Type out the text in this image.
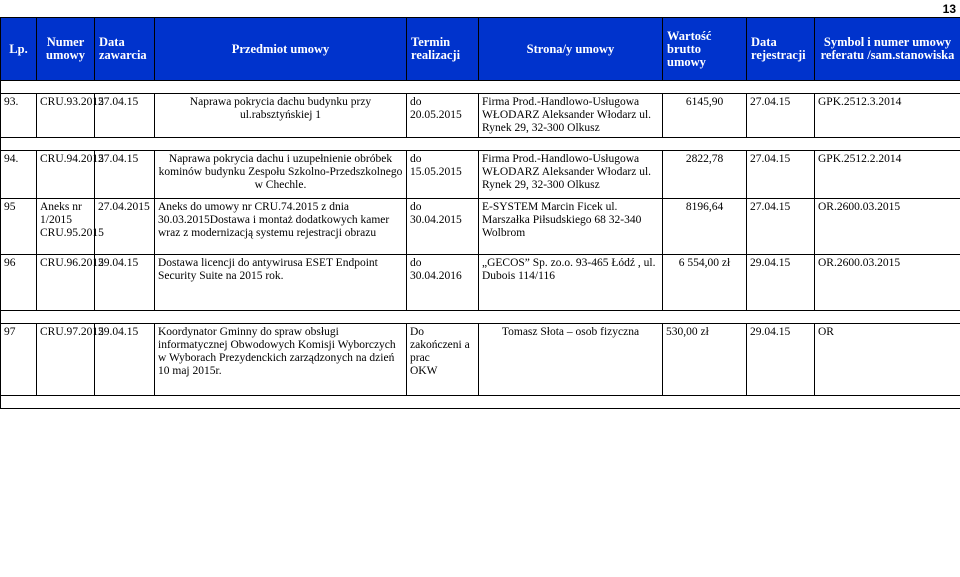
13
Lp.	Numer umowy	Data zawarcia	Przedmiot umowy	Termin realizacji	Strona/y umowy	Wartość brutto umowy	Data rejestracji	Symbol i numer umowy referatu /sam.stanowiska

93.	CRU.93.2015	27.04.15	Naprawa pokrycia dachu budynku przy ul.rabsztyńskiej 1	do
20.05.2015	Firma Prod.-Handlowo-Usługowa WŁODARZ Aleksander Włodarz ul. Rynek 29, 32-300 Olkusz	6145,90	27.04.15	GPK.2512.3.2014

94.	CRU.94.2015	27.04.15	Naprawa pokrycia dachu i uzupełnienie obróbek kominów budynku Zespołu Szkolno-Przedszkolnego w Chechle.	do
15.05.2015	Firma Prod.-Handlowo-Usługowa WŁODARZ Aleksander Włodarz ul. Rynek 29, 32-300 Olkusz	2822,78	27.04.15	GPK.2512.2.2014
95	Aneks nr 1/2015 CRU.95.2015	27.04.2015	Aneks do umowy nr CRU.74.2015 z dnia 30.03.2015Dostawa i montaż dodatkowych kamer wraz z modernizacją systemu rejestracji obrazu	do
30.04.2015	E-SYSTEM Marcin Ficek ul. Marszałka Piłsudskiego 68 32-340 Wolbrom	8196,64	27.04.15	OR.2600.03.2015
96	CRU.96.2015	29.04.15	Dostawa licencji do antywirusa ESET Endpoint Security Suite na 2015 rok.	do
30.04.2016	„GECOS” Sp. zo.o. 93-465 Łódź , ul. Dubois 114/116	6 554,00 zł	29.04.15	OR.2600.03.2015

97	CRU.97.2015	29.04.15	Koordynator Gminny do spraw obsługi informatycznej Obwodowych Komisji Wyborczych w Wyborach Prezydenckich zarządzonych na dzień 10 maj 2015r.	Do zakończeni a prac
OKW	Tomasz Słota – osob fizyczna	530,00 zł	29.04.15	OR
